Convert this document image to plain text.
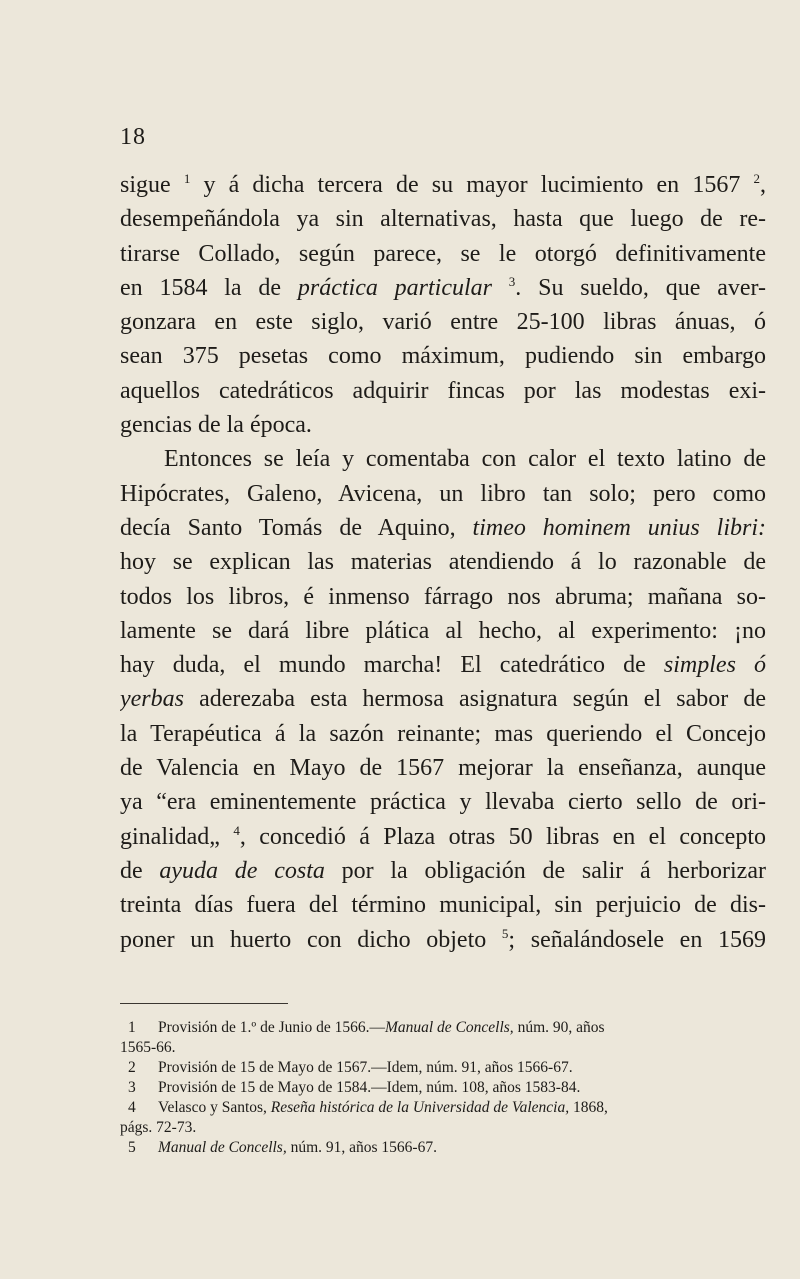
18
sigue $^1$ y á dicha tercera de su mayor lucimiento en 1567 $^2$,
desempeñándola ya sin alternativas, hasta que luego de re-
tirarse Collado, según parece, se le otorgó definitivamente
en 1584 la de práctica particular $^3$. Su sueldo, que aver-
gonzara en este siglo, varió entre 25-100 libras ánuas, ó
sean 375 pesetas como máximum, pudiendo sin embargo
aquellos catedráticos adquirir fincas por las modestas exi-
gencias de la época.
Entonces se leía y comentaba con calor el texto latino de
Hipócrates, Galeno, Avicena, un libro tan solo; pero como
decía Santo Tomás de Aquino, timeo hominem unius libri:
hoy se explican las materias atendiendo á lo razonable de
todos los libros, é inmenso fárrago nos abruma; mañana so-
lamente se dará libre plática al hecho, al experimento: ¡no
hay duda, el mundo marcha! El catedrático de simples ó
yerbas aderezaba esta hermosa asignatura según el sabor de
la Terapéutica á la sazón reinante; mas queriendo el Concejo
de Valencia en Mayo de 1567 mejorar la enseñanza, aunque
ya “era eminentemente práctica y llevaba cierto sello de ori-
ginalidad„ $^4$, concedió á Plaza otras 50 libras en el concepto
de ayuda de costa por la obligación de salir á herborizar
treinta días fuera del término municipal, sin perjuicio de dis-
poner un huerto con dicho objeto $^5$; señalándosele en 1569
1 Provisión de 1.º de Junio de 1566.—Manual de Concells, núm. 90, años
1565-66.
2 Provisión de 15 de Mayo de 1567.—Idem, núm. 91, años 1566-67.
3 Provisión de 15 de Mayo de 1584.—Idem, núm. 108, años 1583-84.
4 Velasco y Santos, Reseña histórica de la Universidad de Valencia, 1868,
págs. 72-73.
5 Manual de Concells, núm. 91, años 1566-67.
